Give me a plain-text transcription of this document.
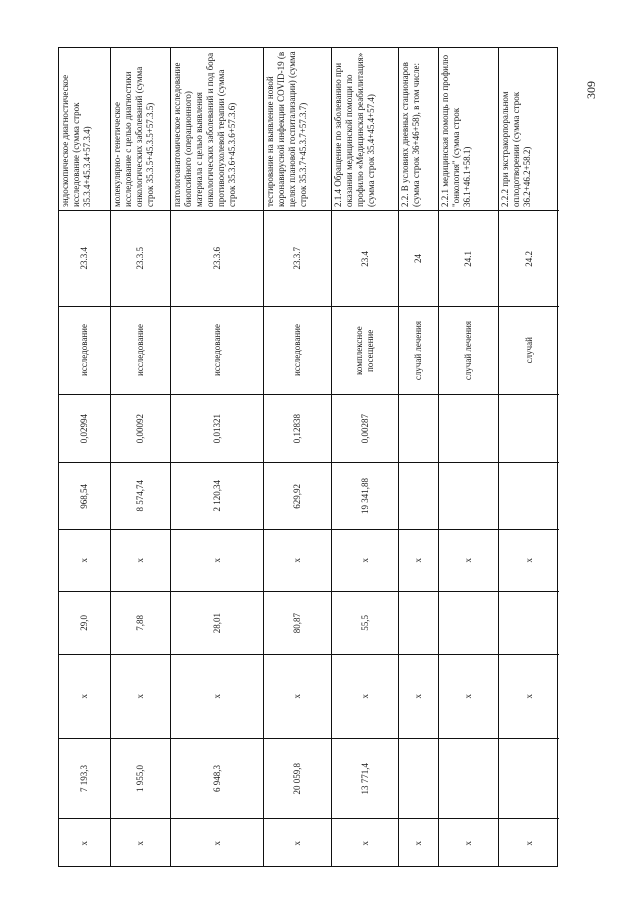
309
эндоскопическое диагностическое исследование (сумма строк 35.3.4+45.3.4+57.3.4)
23.3.4
исследование
0,02994
968,54
х
29,0
х
7 193,3
х
молекулярно- генетическое исследование с целью диагностики онкологических заболеваний (сумма строк 35.3.5+45.3.5+57.3.5)
23.3.5
исследование
0,00092
8 574,74
х
7,88
х
1 955,0
х
патологоанатомическое исследование биопсийного (операционного) материала с целью выявления онкологических заболеваний и под бора противоопухолевой терапии (сумма строк 35.3.6+45.3.6+57.3.6)
23.3.6
исследование
0,01321
2 120,34
х
28,01
х
6 948,3
х
тестирование на выявление новой коронавирусной инфекции COVID-19 (в целях плановой госпитализации) (сумма строк 35.3.7+45.3.7+57.3.7)
23.3.7
исследование
0,12838
629,92
х
80,87
х
20 059,8
х
2.1.4 Обращение по заболеванию при оказании медицинской помощи по профилю «Медицинская реабилитация» (сумма строк 35.4+45.4+57.4)
23.4
комплексное посещение
0,00287
19 341,88
х
55,5
х
13 771,4
х
2.2. В условиях дневных стационаров (сумма строк 36+46+58), в том числе:
24
случай лечения
х
х
х
2.2.1 медицинская помощь по профилю "онкология" (сумма строк 36.1+46.1+58.1)
24.1
случай лечения
х
х
х
2.2.2 при экстракорпоральном оплодотворении (сумма строк 36.2+46.2+58.2)
24.2
случай
х
х
х
